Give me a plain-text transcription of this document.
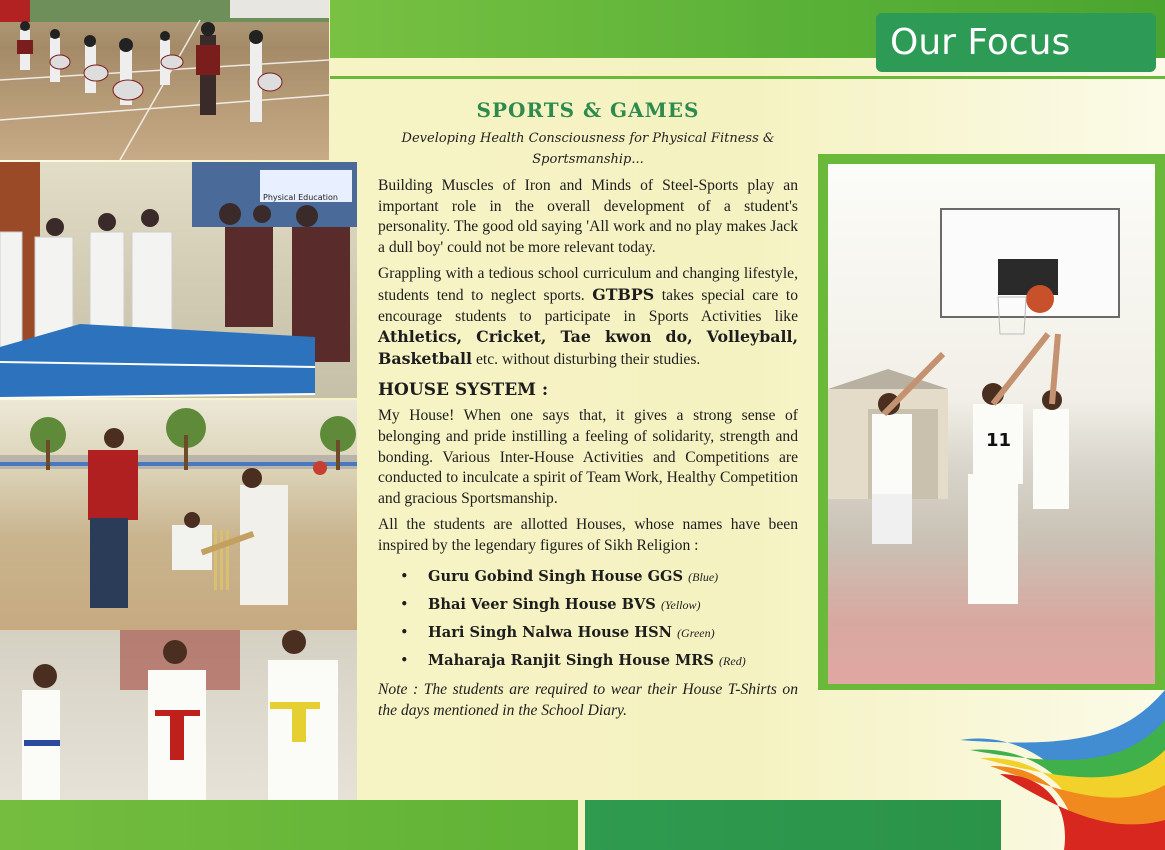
Our Focus
Physical Education
SPORTS & GAMES

Developing Health Consciousness for Physical Fitness & Sportsmanship...

Building Muscles of Iron and Minds of Steel-Sports play an important role in the overall development of a student's personality. The good old saying 'All work and no play makes Jack a dull boy' could not be more relevant today.

Grappling with a tedious school curriculum and changing lifestyle, students tend to neglect sports. GTBPS takes special care to encourage students to participate in Sports Activities like Athletics, Cricket, Tae kwon do, Volleyball, Basketball etc. without disturbing their studies.

HOUSE SYSTEM :

My House! When one says that, it gives a strong sense of belonging and pride instilling a feeling of solidarity, strength and bonding. Various Inter-House Activities and Competitions are conducted to inculcate a spirit of Team Work, Healthy Competition and gracious Sportsmanship.

All the students are allotted Houses, whose names have been inspired by the legendary figures of Sikh Religion :

• Guru Gobind Singh House GGS (Blue)
• Bhai Veer Singh House BVS (Yellow)
• Hari Singh Nalwa House HSN (Green)
• Maharaja Ranjit Singh House MRS (Red)

Note : The students are required to wear their House T-Shirts on the days mentioned in the School Diary.

11
